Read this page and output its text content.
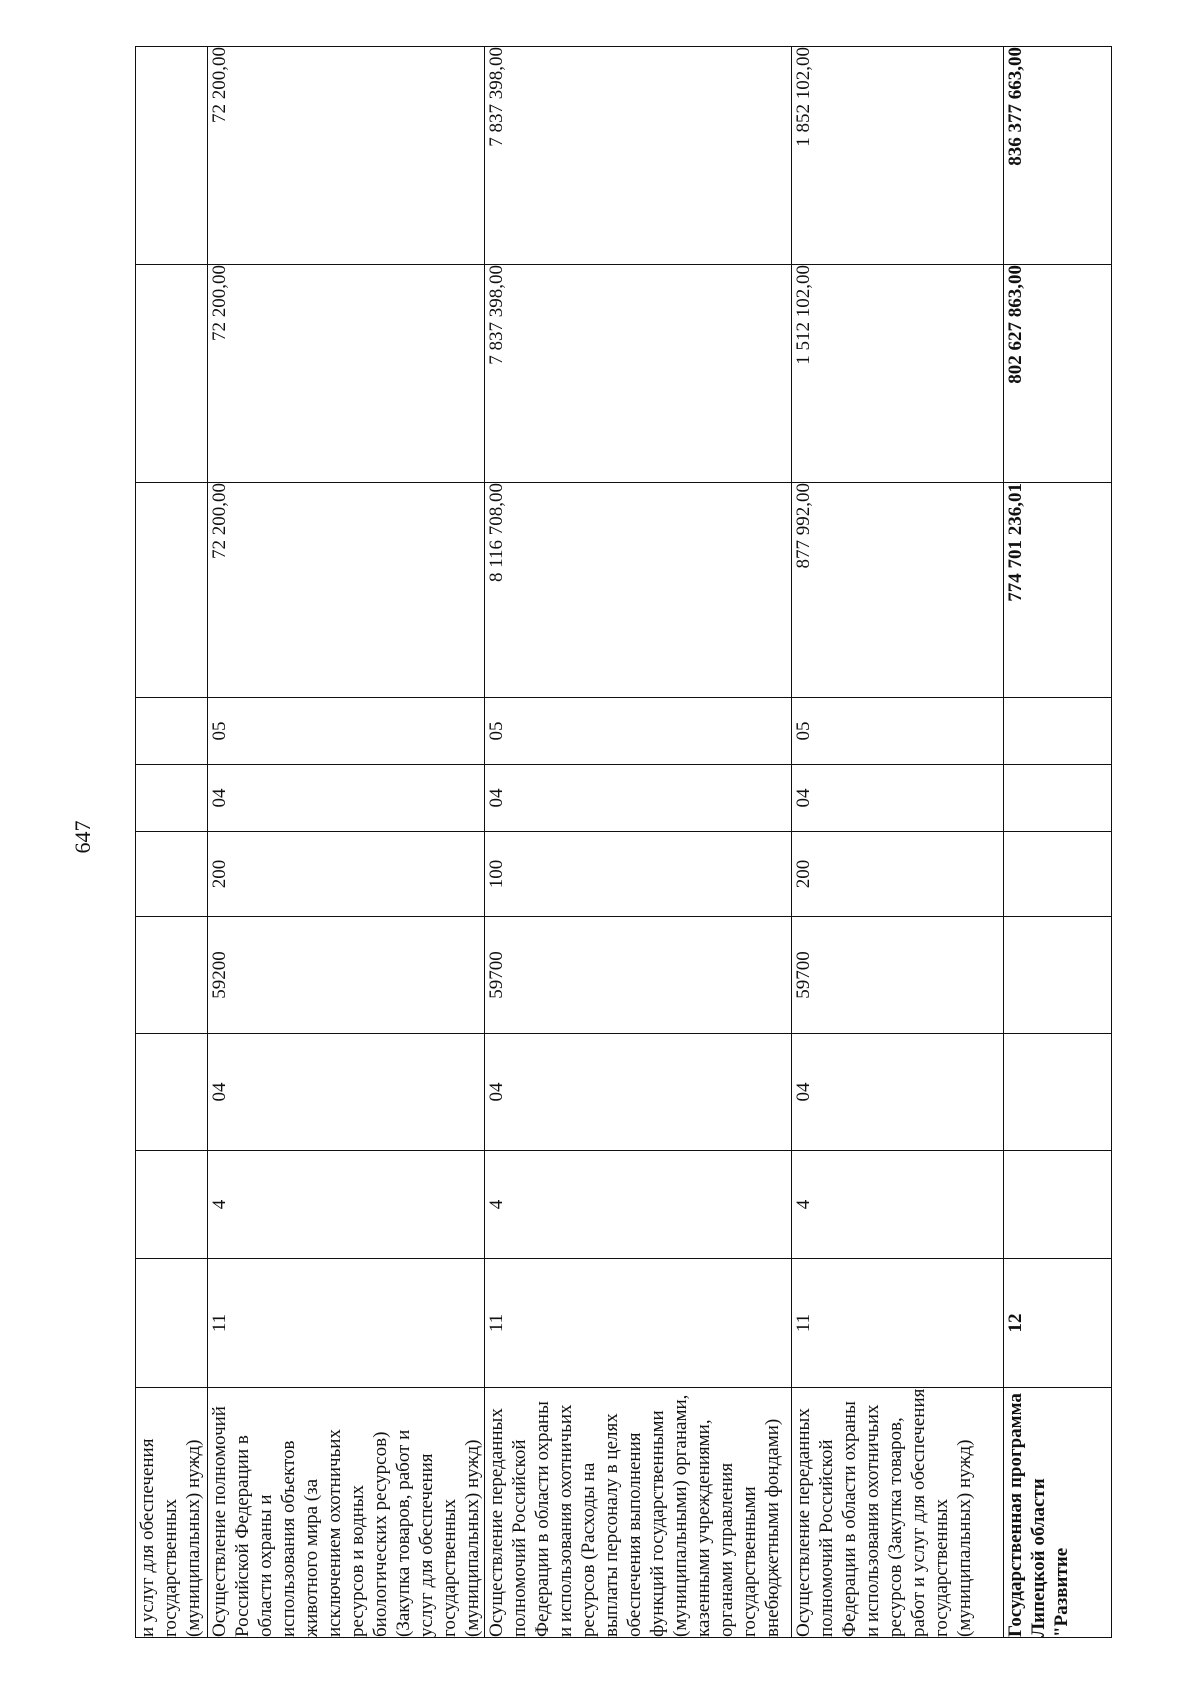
647
и услуг для обеспечения государственных (муниципальных) нужд)										
Осуществление полномочий Российской Федерации в области охраны и использования объектов животного мира (за исключением охотничьих ресурсов и водных биологических ресурсов) (Закупка товаров, работ и услуг для обеспечения государственных (муниципальных) нужд)	11	4	04	59200	200	04	05	72 200,00	72 200,00	72 200,00
Осуществление переданных полномочий Российской Федерации в области охраны и использования охотничьих ресурсов (Расходы на выплаты персоналу в целях обеспечения выполнения функций государственными (муниципальными) органами, казенными учреждениями, органами управления государственными внебюджетными фондами)	11	4	04	59700	100	04	05	8 116 708,00	7 837 398,00	7 837 398,00
Осуществление переданных полномочий Российской Федерации в области охраны и использования охотничьих ресурсов (Закупка товаров, работ и услуг для обеспечения государственных (муниципальных) нужд)	11	4	04	59700	200	04	05	877 992,00	1 512 102,00	1 852 102,00
Государственная программа Липецкой области "Развитие	12							774 701 236,01	802 627 863,00	836 377 663,00
